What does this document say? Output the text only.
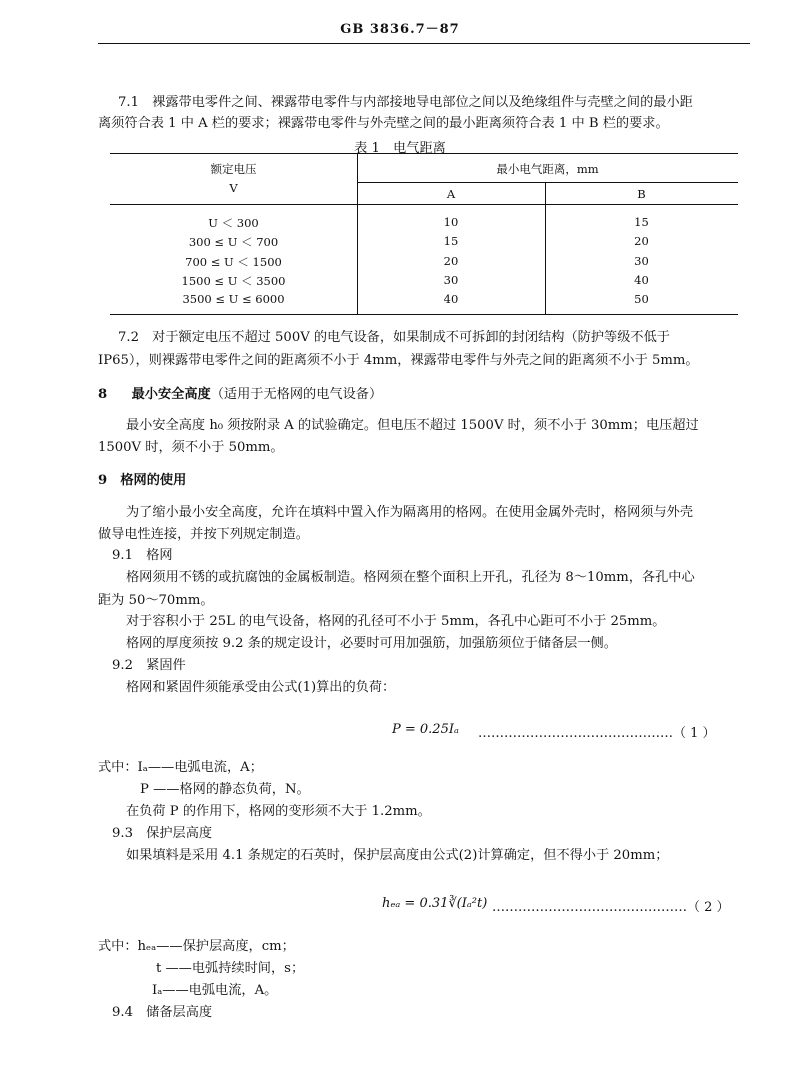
GB 3836.7－87

7.1　裸露带电零件之间、裸露带电零件与内部接地导电部位之间以及绝缘组件与壳壁之间的最小距

离须符合表 1 中 A 栏的要求；裸露带电零件与外壳壁之间的最小距离须符合表 1 中 B 栏的要求。

表 1　电气距离
额定电压
V
最小电气距离，mm
A	B
U ＜ 300	10	15
300 ≤ U ＜ 700	15	20
700 ≤ U ＜ 1500	20	30
1500 ≤ U ＜ 3500	30	40
3500 ≤ U ≤ 6000	40	50

7.2　对于额定电压不超过 500V 的电气设备，如果制成不可拆卸的封闭结构（防护等级不低于

IP65），则裸露带电零件之间的距离须不小于 4mm，裸露带电零件与外壳之间的距离须不小于 5mm。

8 最小安全高度（适用于无格网的电气设备）

最小安全高度 h₀ 须按附录 A 的试验确定。但电压不超过 1500V 时，须不小于 30mm；电压超过

1500V 时，须不小于 50mm。

9　格网的使用

为了缩小最小安全高度，允许在填料中置入作为隔离用的格网。在使用金属外壳时，格网须与外壳

做导电性连接，并按下列规定制造。

9.1　格网

格网须用不锈的或抗腐蚀的金属板制造。格网须在整个面积上开孔，孔径为 8～10mm，各孔中心

距为 50～70mm。

对于容积小于 25L 的电气设备，格网的孔径可不小于 5mm，各孔中心距可不小于 25mm。

格网的厚度须按 9.2 条的规定设计，必要时可用加强筋，加强筋须位于储备层一侧。

9.2　紧固件

格网和紧固件须能承受由公式(1)算出的负荷：

P = 0.25Iₐ ………………………………………（ 1 ）

式中：Iₐ——电弧电流，A；

P ——格网的静态负荷，N。

在负荷 P 的作用下，格网的变形须不大于 1.2mm。

9.3　保护层高度

如果填料是采用 4.1 条规定的石英时，保护层高度由公式(2)计算确定，但不得小于 20mm；

hₑₐ = 0.31∛(Iₐ²t) ………………………………………（ 2 ）

式中：hₑₐ——保护层高度，cm；

t ——电弧持续时间，s；

Iₐ——电弧电流，A。

9.4　储备层高度
